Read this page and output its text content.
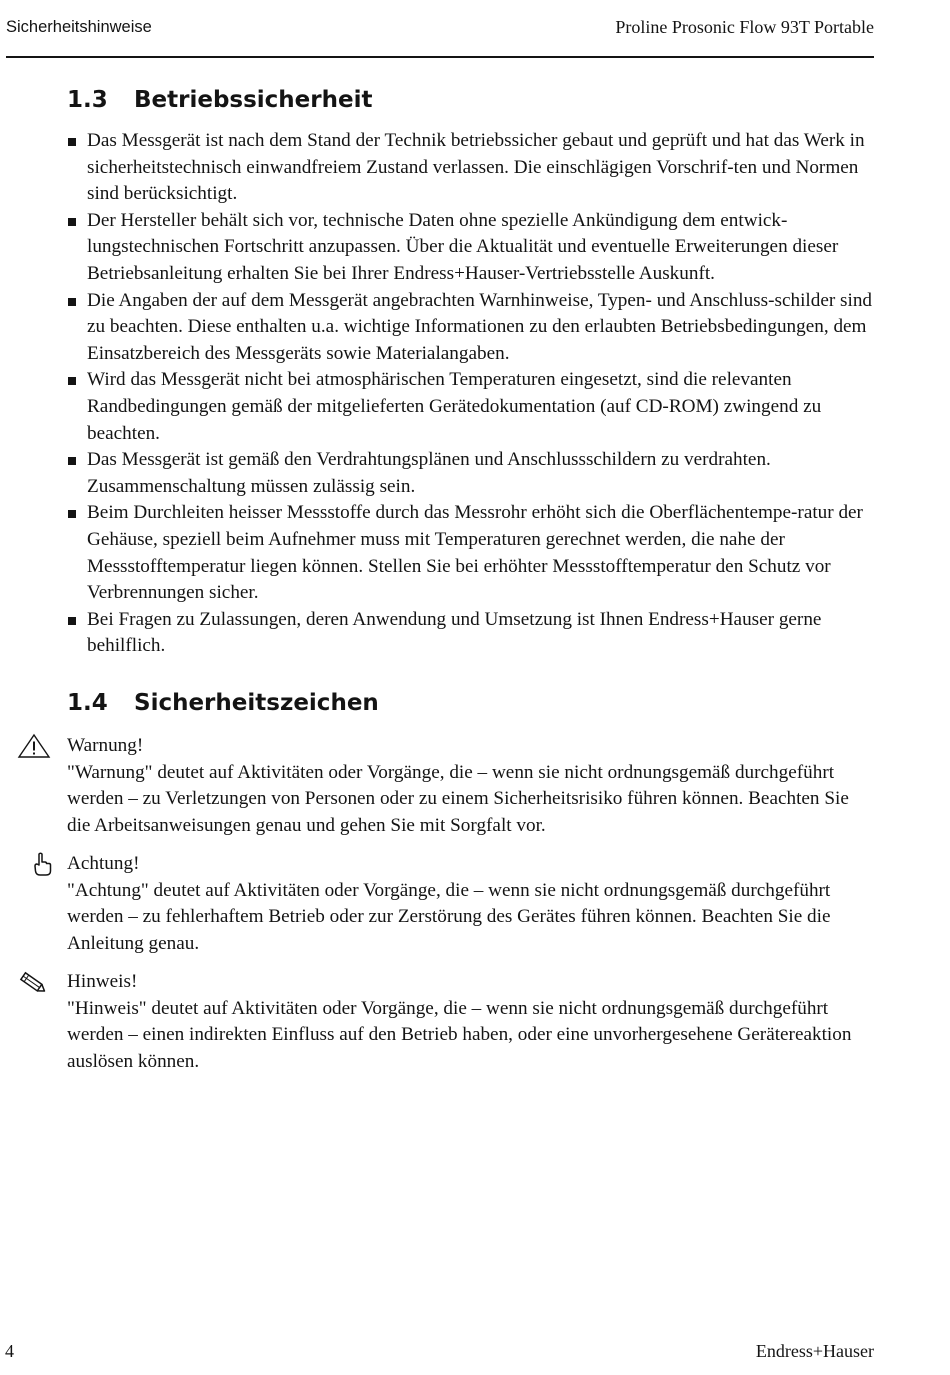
Sicherheitshinweise	Proline Prosonic Flow 93T Portable
1.3 Betriebssicherheit
Das Messgerät ist nach dem Stand der Technik betriebssicher gebaut und geprüft und hat das Werk in sicherheitstechnisch einwandfreiem Zustand verlassen. Die einschlägigen Vorschrif-ten und Normen sind berücksichtigt.
Der Hersteller behält sich vor, technische Daten ohne spezielle Ankündigung dem entwick-lungstechnischen Fortschritt anzupassen. Über die Aktualität und eventuelle Erweiterungen dieser Betriebsanleitung erhalten Sie bei Ihrer Endress+Hauser-Vertriebsstelle Auskunft.
Die Angaben der auf dem Messgerät angebrachten Warnhinweise, Typen- und Anschluss-schilder sind zu beachten. Diese enthalten u.a. wichtige Informationen zu den erlaubten Betriebsbedingungen, dem Einsatzbereich des Messgeräts sowie Materialangaben.
Wird das Messgerät nicht bei atmosphärischen Temperaturen eingesetzt, sind die relevanten Randbedingungen gemäß der mitgelieferten Gerätedokumentation (auf CD-ROM) zwingend zu beachten.
Das Messgerät ist gemäß den Verdrahtungsplänen und Anschlussschildern zu verdrahten. Zusammenschaltung müssen zulässig sein.
Beim Durchleiten heisser Messstoffe durch das Messrohr erhöht sich die Oberflächentempe-ratur der Gehäuse, speziell beim Aufnehmer muss mit Temperaturen gerechnet werden, die nahe der Messstofftemperatur liegen können. Stellen Sie bei erhöhter Messstofftemperatur den Schutz vor Verbrennungen sicher.
Bei Fragen zu Zulassungen, deren Anwendung und Umsetzung ist Ihnen Endress+Hauser gerne behilflich.
1.4 Sicherheitszeichen
Warnung!
"Warnung" deutet auf Aktivitäten oder Vorgänge, die – wenn sie nicht ordnungsgemäß durchgeführt werden – zu Verletzungen von Personen oder zu einem Sicherheitsrisiko führen können. Beachten Sie die Arbeitsanweisungen genau und gehen Sie mit Sorgfalt vor.
Achtung!
"Achtung" deutet auf Aktivitäten oder Vorgänge, die – wenn sie nicht ordnungsgemäß durchgeführt werden – zu fehlerhaftem Betrieb oder zur Zerstörung des Gerätes führen können. Beachten Sie die Anleitung genau.
Hinweis!
"Hinweis" deutet auf Aktivitäten oder Vorgänge, die – wenn sie nicht ordnungsgemäß durchgeführt werden – einen indirekten Einfluss auf den Betrieb haben, oder eine unvorhergesehene Gerätereaktion auslösen können.
4	Endress+Hauser
